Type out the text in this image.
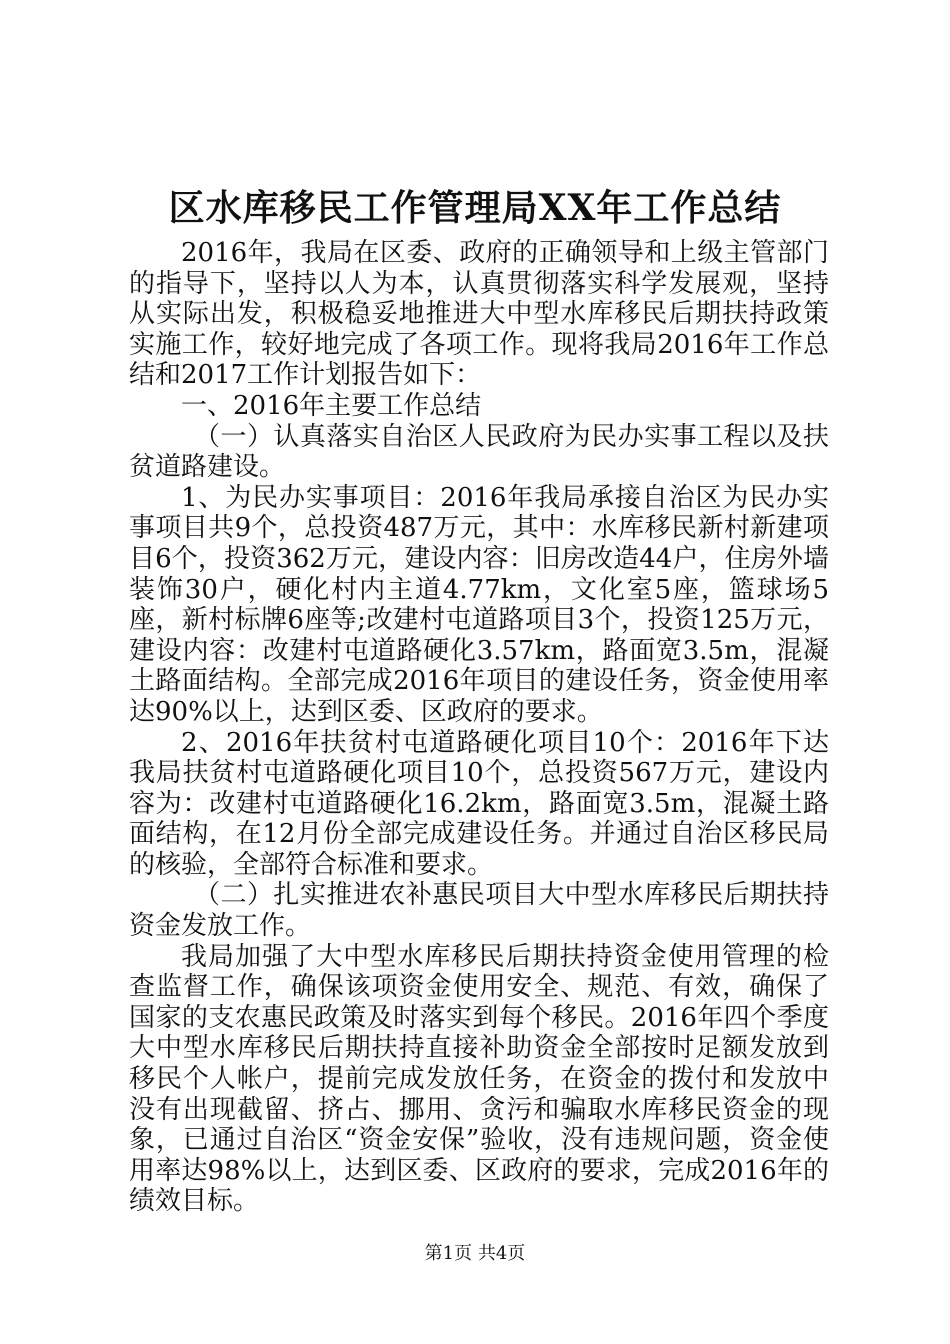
区水库移民工作管理局XX年工作总结

2016年，我局在区委、政府的正确领导和上级主管部门的指导下，坚持以人为本，认真贯彻落实科学发展观，坚持从实际出发，积极稳妥地推进大中型水库移民后期扶持政策实施工作，较好地完成了各项工作。现将我局2016年工作总结和2017工作计划报告如下：

一、2016年主要工作总结

（一）认真落实自治区人民政府为民办实事工程以及扶贫道路建设。

1、为民办实事项目：2016年我局承接自治区为民办实事项目共9个，总投资487万元，其中：水库移民新村新建项目6个，投资362万元，建设内容：旧房改造44户，住房外墙装饰30户，硬化村内主道4.77km，文化室5座，篮球场5座，新村标牌6座等;改建村屯道路项目3个，投资125万元，建设内容：改建村屯道路硬化3.57km，路面宽3.5m，混凝土路面结构。全部完成2016年项目的建设任务，资金使用率达90%以上，达到区委、区政府的要求。

2、2016年扶贫村屯道路硬化项目10个：2016年下达我局扶贫村屯道路硬化项目10个，总投资567万元，建设内容为：改建村屯道路硬化16.2km，路面宽3.5m，混凝土路面结构，在12月份全部完成建设任务。并通过自治区移民局的核验，全部符合标准和要求。

（二）扎实推进农补惠民项目大中型水库移民后期扶持资金发放工作。

我局加强了大中型水库移民后期扶持资金使用管理的检查监督工作，确保该项资金使用安全、规范、有效，确保了国家的支农惠民政策及时落实到每个移民。2016年四个季度大中型水库移民后期扶持直接补助资金全部按时足额发放到移民个人帐户，提前完成发放任务，在资金的拨付和发放中没有出现截留、挤占、挪用、贪污和骗取水库移民资金的现象，已通过自治区“资金安保”验收，没有违规问题，资金使用率达98%以上，达到区委、区政府的要求，完成2016年的绩效目标。

第1页 共4页
